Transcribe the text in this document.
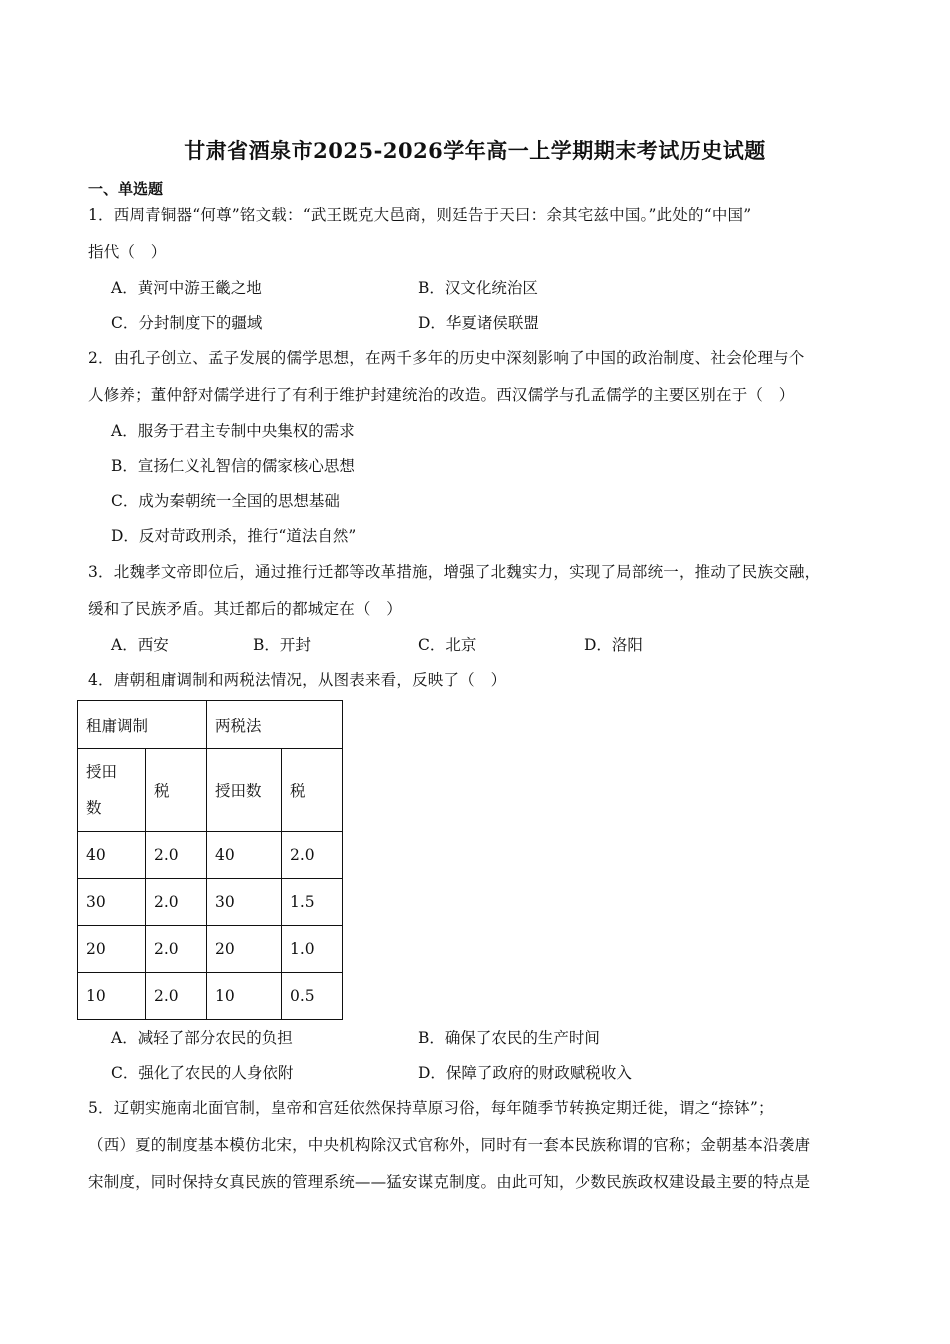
甘肃省酒泉市2025-2026学年高一上学期期末考试历史试题
一、单选题
1．西周青铜器“何尊”铭文载：“武王既克大邑商，则廷告于天曰：余其宅兹中国。”此处的“中国”
指代（　）
A．黄河中游王畿之地	B．汉文化统治区
C．分封制度下的疆域	D．华夏诸侯联盟
2．由孔子创立、孟子发展的儒学思想，在两千多年的历史中深刻影响了中国的政治制度、社会伦理与个
人修养；董仲舒对儒学进行了有利于维护封建统治的改造。西汉儒学与孔孟儒学的主要区别在于（　）
A．服务于君主专制中央集权的需求
B．宣扬仁义礼智信的儒家核心思想
C．成为秦朝统一全国的思想基础
D．反对苛政刑杀，推行“道法自然”
3．北魏孝文帝即位后，通过推行迁都等改革措施，增强了北魏实力，实现了局部统一，推动了民族交融，
缓和了民族矛盾。其迁都后的都城定在（　）
A．西安	B．开封	C．北京	D．洛阳
4．唐朝租庸调制和两税法情况，从图表来看，反映了（　）
租庸调制		两税法	
授田
数	税	授田数	税
40	2.0	40	2.0
30	2.0	30	1.5
20	2.0	20	1.0
10	2.0	10	0.5
A．减轻了部分农民的负担	B．确保了农民的生产时间
C．强化了农民的人身依附	D．保障了政府的财政赋税收入
5．辽朝实施南北面官制，皇帝和宫廷依然保持草原习俗，每年随季节转换定期迁徙，谓之“捺钵”；
（西）夏的制度基本模仿北宋，中央机构除汉式官称外，同时有一套本民族称谓的官称；金朝基本沿袭唐
宋制度，同时保持女真民族的管理系统——猛安谋克制度。由此可知，少数民族政权建设最主要的特点是
